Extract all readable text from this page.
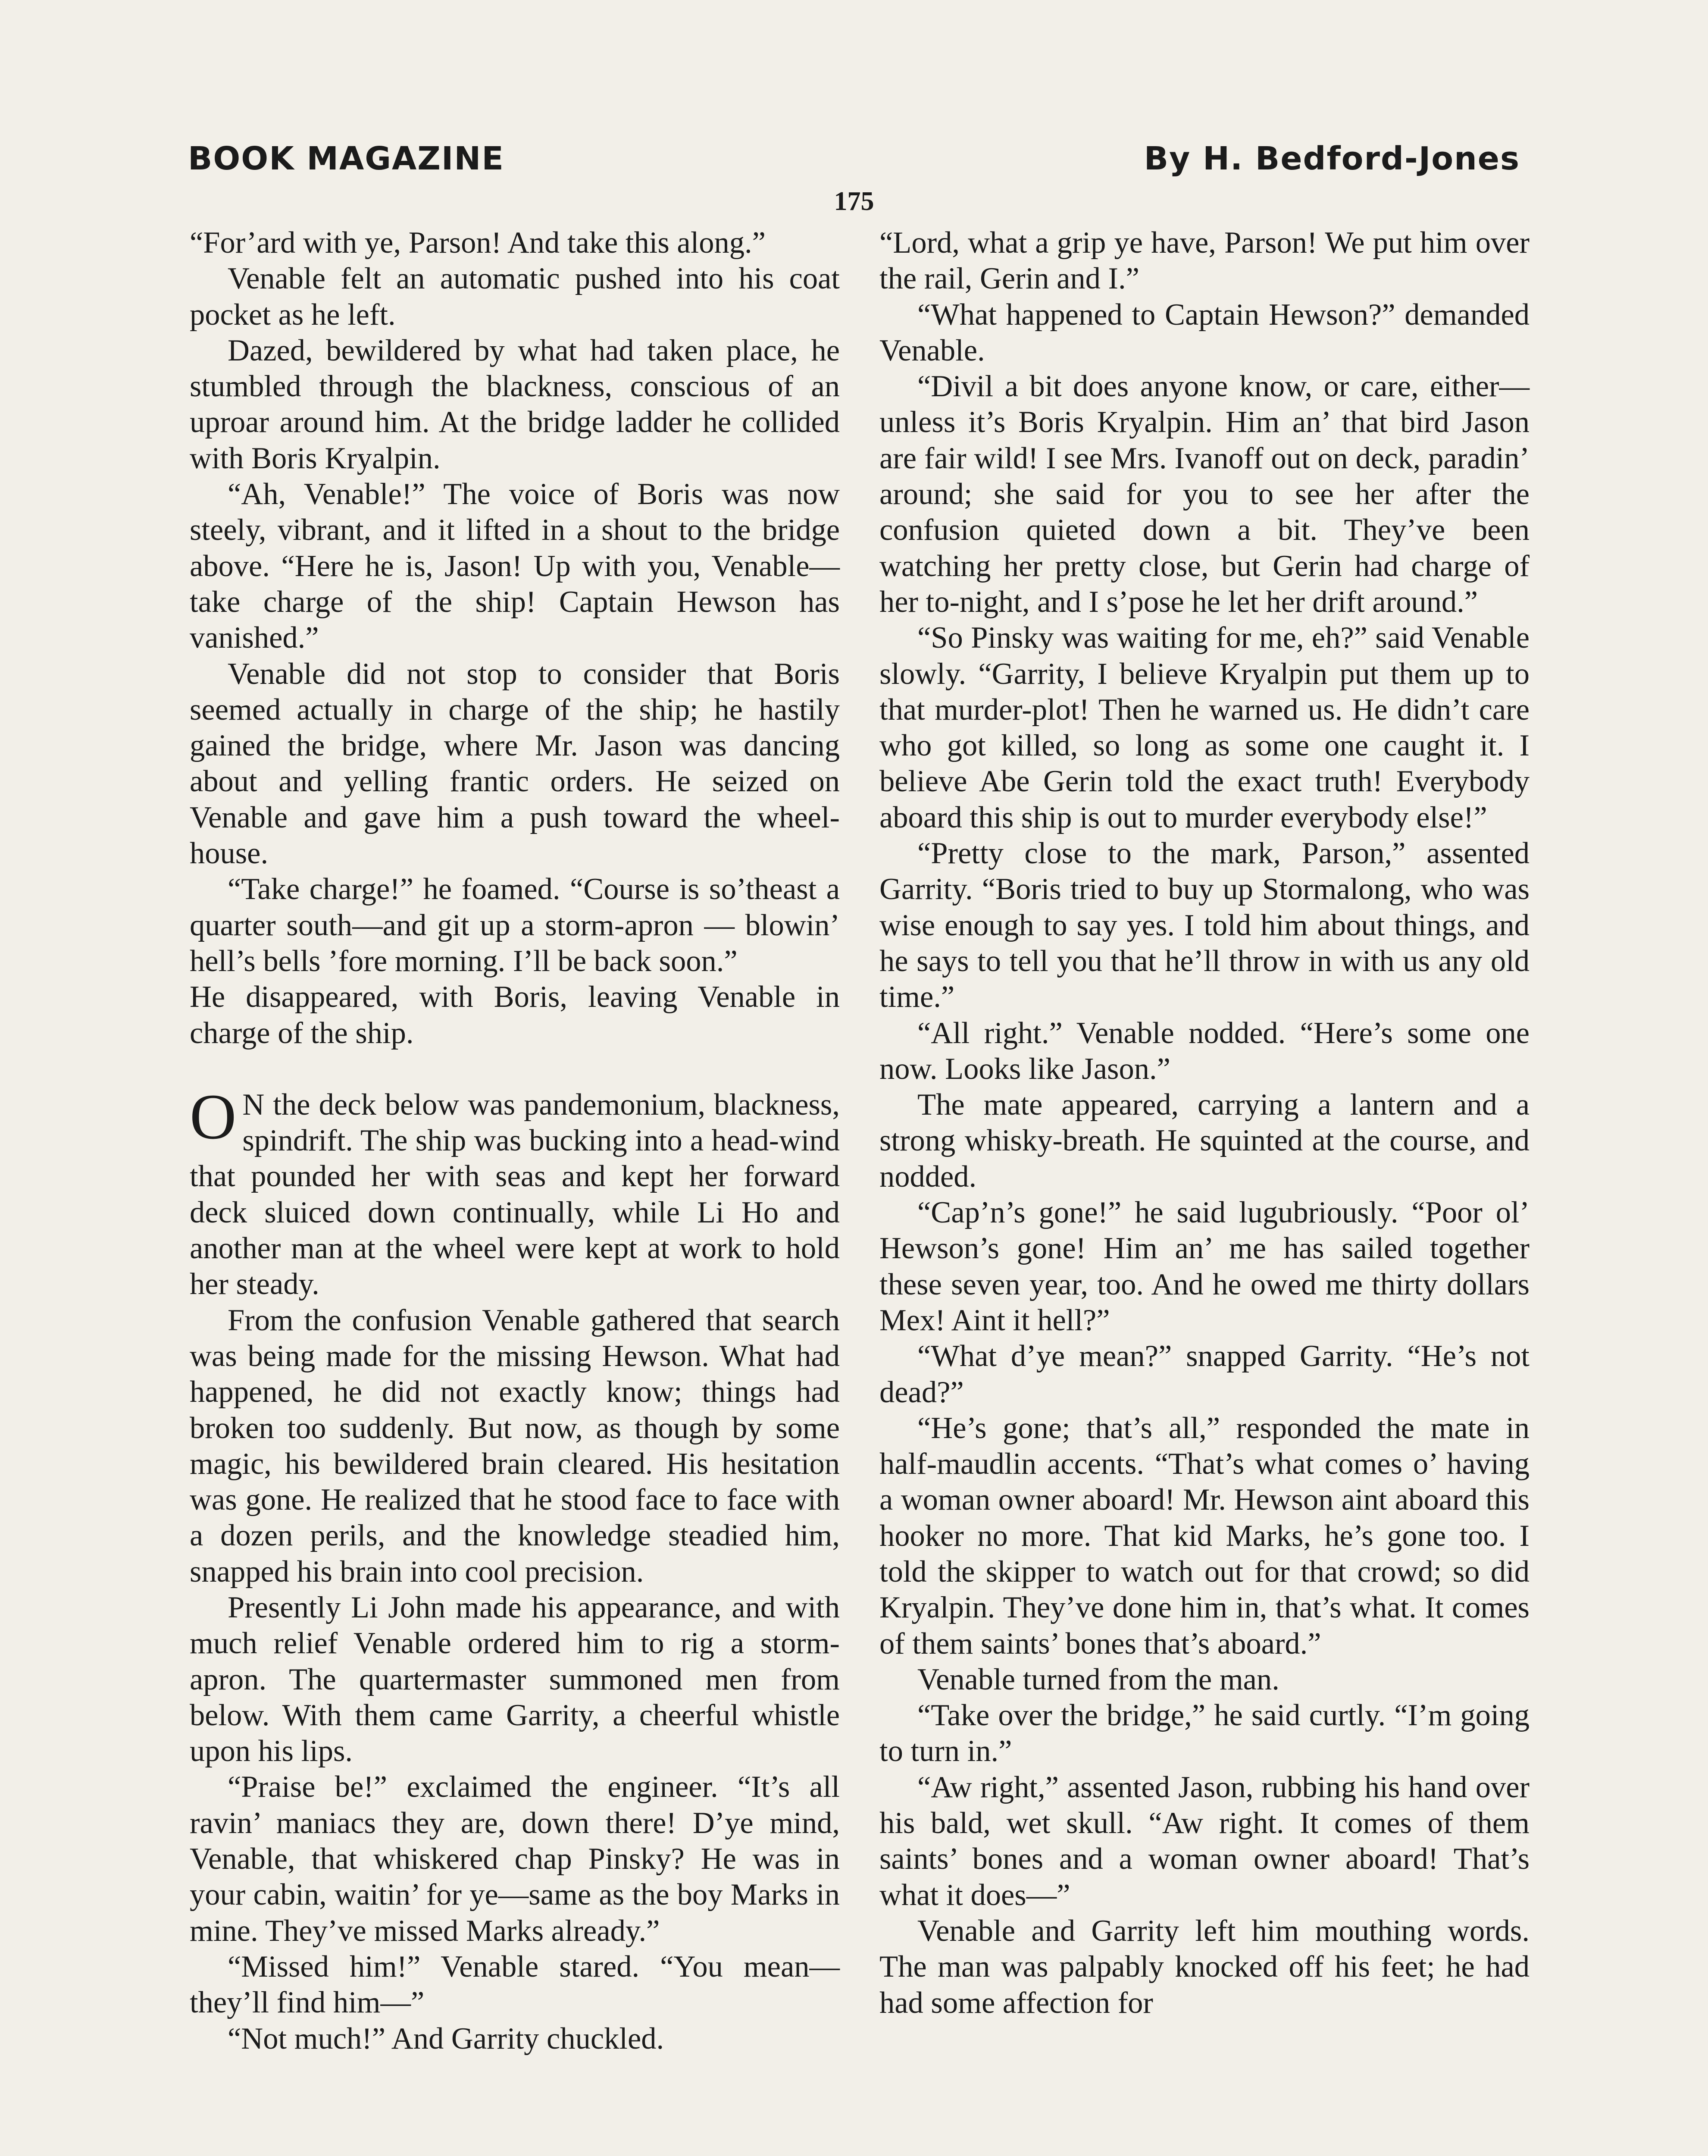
BOOK MAGAZINE	By H. Bedford-Jones
175

“For’ard with ye, Parson! And take this along.”

Venable felt an automatic pushed into his coat pocket as he left.

Dazed, bewildered by what had taken place, he stumbled through the blackness, conscious of an uproar around him. At the bridge ladder he collided with Boris Kryalpin.

“Ah, Venable!” The voice of Boris was now steely, vibrant, and it lifted in a shout to the bridge above. “Here he is, Jason! Up with you, Venable—take charge of the ship! Captain Hewson has vanished.”

Venable did not stop to consider that Boris seemed actually in charge of the ship; he hastily gained the bridge, where Mr. Jason was dancing about and yelling frantic orders. He seized on Venable and gave him a push toward the wheel-house.

“Take charge!” he foamed. “Course is so’theast a quarter south—and git up a storm-apron — blowin’ hell’s bells ’fore morning. I’ll be back soon.”

He disappeared, with Boris, leaving Venable in charge of the ship.

O N the deck below was pandemonium, blackness, spindrift. The ship was bucking into a head-wind that pounded her with seas and kept her forward deck sluiced down continually, while Li Ho and another man at the wheel were kept at work to hold her steady.

From the confusion Venable gathered that search was being made for the missing Hewson. What had happened, he did not exactly know; things had broken too suddenly. But now, as though by some magic, his bewildered brain cleared. His hesitation was gone. He realized that he stood face to face with a dozen perils, and the knowledge steadied him, snapped his brain into cool precision.

Presently Li John made his appearance, and with much relief Venable ordered him to rig a storm-apron. The quartermaster summoned men from below. With them came Garrity, a cheerful whistle upon his lips.

“Praise be!” exclaimed the engineer. “It’s all ravin’ maniacs they are, down there! D’ye mind, Venable, that whiskered chap Pinsky? He was in your cabin, waitin’ for ye—same as the boy Marks in mine. They’ve missed Marks already.”

“Missed him!” Venable stared. “You mean—they’ll find him—”

“Not much!” And Garrity chuckled.

“Lord, what a grip ye have, Parson! We put him over the rail, Gerin and I.”

“What happened to Captain Hewson?” demanded Venable.

“Divil a bit does anyone know, or care, either—unless it’s Boris Kryalpin. Him an’ that bird Jason are fair wild! I see Mrs. Ivanoff out on deck, paradin’ around; she said for you to see her after the confusion quieted down a bit. They’ve been watching her pretty close, but Gerin had charge of her to-night, and I s’pose he let her drift around.”

“So Pinsky was waiting for me, eh?” said Venable slowly. “Garrity, I believe Kryalpin put them up to that murder-plot! Then he warned us. He didn’t care who got killed, so long as some one caught it. I believe Abe Gerin told the exact truth! Everybody aboard this ship is out to murder everybody else!”

“Pretty close to the mark, Parson,” assented Garrity. “Boris tried to buy up Stormalong, who was wise enough to say yes. I told him about things, and he says to tell you that he’ll throw in with us any old time.”

“All right.” Venable nodded. “Here’s some one now. Looks like Jason.”

The mate appeared, carrying a lantern and a strong whisky-breath. He squinted at the course, and nodded.

“Cap’n’s gone!” he said lugubriously. “Poor ol’ Hewson’s gone! Him an’ me has sailed together these seven year, too. And he owed me thirty dollars Mex! Aint it hell?”

“What d’ye mean?” snapped Garrity. “He’s not dead?”

“He’s gone; that’s all,” responded the mate in half-maudlin accents. “That’s what comes o’ having a woman owner aboard! Mr. Hewson aint aboard this hooker no more. That kid Marks, he’s gone too. I told the skipper to watch out for that crowd; so did Kryalpin. They’ve done him in, that’s what. It comes of them saints’ bones that’s aboard.”

Venable turned from the man.

“Take over the bridge,” he said curtly. “I’m going to turn in.”

“Aw right,” assented Jason, rubbing his hand over his bald, wet skull. “Aw right. It comes of them saints’ bones and a woman owner aboard! That’s what it does—”

Venable and Garrity left him mouthing words. The man was palpably knocked off his feet; he had had some affection for
